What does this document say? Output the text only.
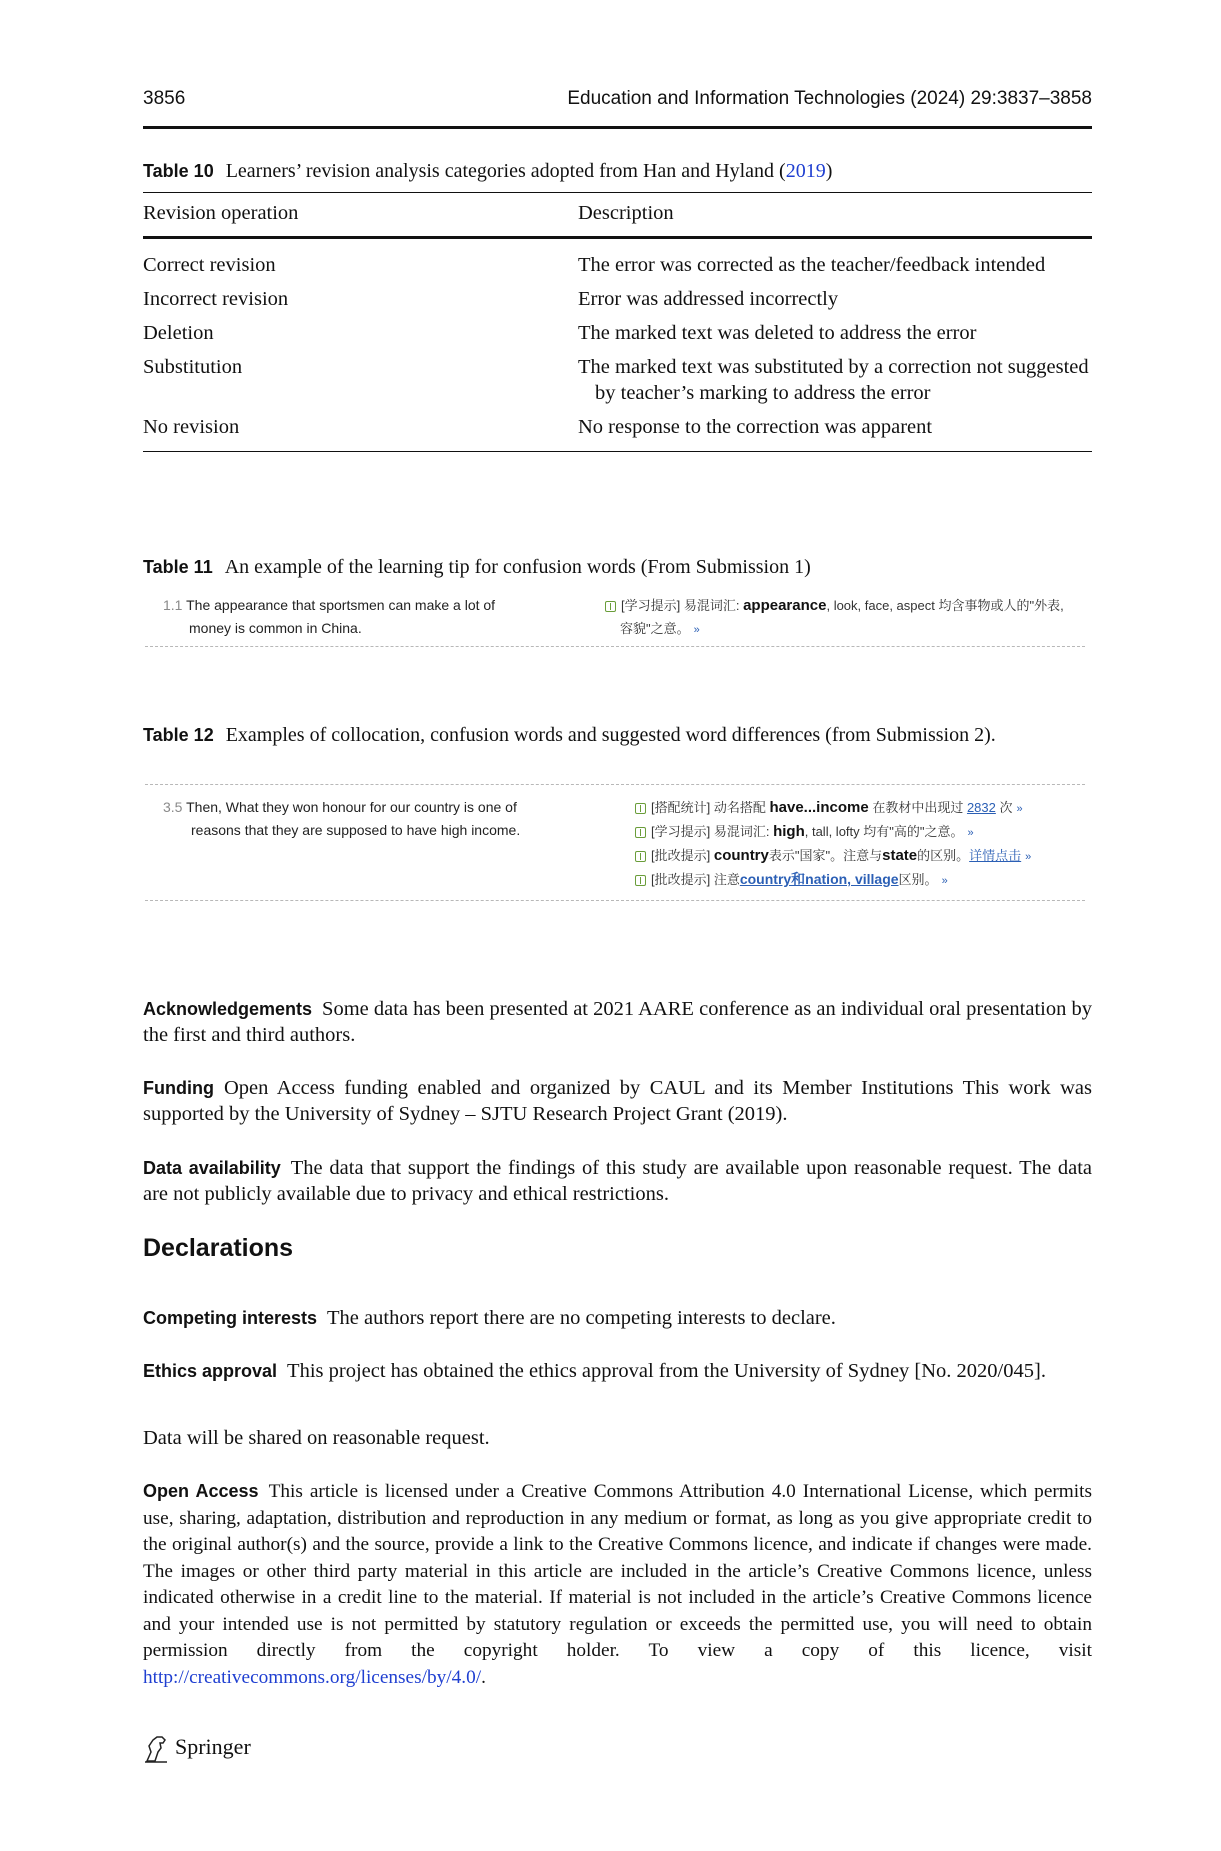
3856	Education and Information Technologies (2024) 29:3837–3858
Table 10 Learners’ revision analysis categories adopted from Han and Hyland (2019)
Revision operation	Description
Correct revision	The error was corrected as the teacher/feedback intended
Incorrect revision	Error was addressed incorrectly
Deletion	The marked text was deleted to address the error
Substitution	The marked text was substituted by a correction not suggested by teacher’s marking to address the error
No revision	No response to the correction was apparent
Table 11 An example of the learning tip for confusion words (From Submission 1)
1.1 The appearance that sportsmen can make a lot of
money is common in China.
[学习提示] 易混词汇: appearance, look, face, aspect 均含事物或人的"外表,
容貌"之意。 »
Table 12 Examples of collocation, confusion words and suggested word differences (from Submission 2).
3.5 Then, What they won honour for our country is one of
reasons that they are supposed to have high income.
[搭配统计] 动名搭配 have...income 在教材中出现过 2832 次 »
[学习提示] 易混词汇: high, tall, lofty 均有"高的"之意。 »
[批改提示] country表示"国家"。注意与state的区别。详情点击 »
[批改提示] 注意country和nation, village区别。 »
Acknowledgements Some data has been presented at 2021 AARE conference as an individual oral presentation by the first and third authors.
Funding Open Access funding enabled and organized by CAUL and its Member Institutions This work was supported by the University of Sydney – SJTU Research Project Grant (2019).
Data availability The data that support the findings of this study are available upon reasonable request. The data are not publicly available due to privacy and ethical restrictions.
Declarations
Competing interests The authors report there are no competing interests to declare.
Ethics approval This project has obtained the ethics approval from the University of Sydney [No. 2020/045].
Data will be shared on reasonable request.
Open Access This article is licensed under a Creative Commons Attribution 4.0 International License, which permits use, sharing, adaptation, distribution and reproduction in any medium or format, as long as you give appropriate credit to the original author(s) and the source, provide a link to the Creative Commons licence, and indicate if changes were made. The images or other third party material in this article are included in the article’s Creative Commons licence, unless indicated otherwise in a credit line to the material. If material is not included in the article’s Creative Commons licence and your intended use is not permitted by statutory regulation or exceeds the permitted use, you will need to obtain permission directly from the copyright holder. To view a copy of this licence, visit http://creativecommons.org/licenses/by/4.0/.
Springer
